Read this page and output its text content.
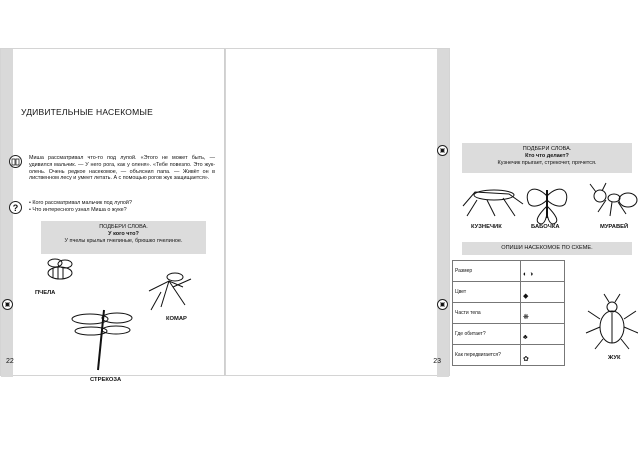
УДИВИТЕЛЬНЫЕ НАСЕКОМЫЕ
Миша рассматривал что-то под лупой. «Этого не может быть, — удивился мальчик. — У него рога, как у оленя». «Тебе повезло. Это жук-олень. Очень редкое насекомое, — объяснил папа. — Живёт он в лиственном лесу и умеет летать. А с помощью рогов жук защищается».
?	• Кого рассматривал мальчик под лупой?
• Что интересного узнал Миша о жуке?
ПОДБЕРИ СЛОВА.
У кого что?
У пчелы крылья пчелиные, брюшко пчелиное.
ПЧЕЛА
КОМАР
СТРЕКОЗА
▣
22
ПОДБЕРИ СЛОВА.
Кто что делает?
Кузнечик прыгает, стрекочет, прячется.
КУЗНЕЧИК	БАБОЧКА	МУРАВЕЙ
ОПИШИ НАСЕКОМОЕ ПО СХЕМЕ.
Размер	◐ ◑

Цвет	◆

Части тела	❋

Где обитает?	♣

Как передвигается?	✿	ЖУК
▣
▣
23
